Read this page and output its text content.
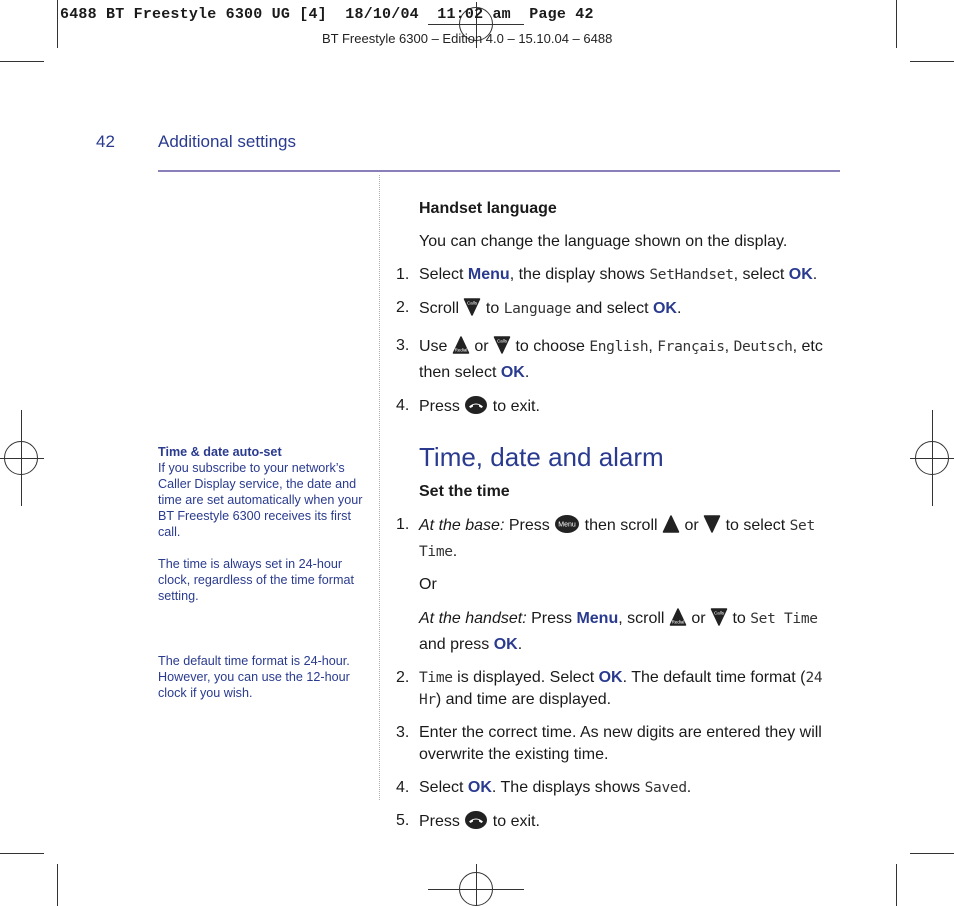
6488 BT Freestyle 6300 UG [4]  18/10/04  11:02 am  Page 42
BT Freestyle 6300 – Edition 4.0 – 15.10.04 – 6488
42	Additional settings
Time & date auto-set
If you subscribe to your network’s Caller Display service, the date and time are set automatically when your BT Freestyle 6300 receives its first call.
The time is always set in 24-hour clock, regardless of the time format setting.
The default time format is 24-hour. However, you can use the 12-hour clock if you wish.
Handset language
You can change the language shown on the display.
1. Select Menu, the display shows SetHandset, select OK.
2. Scroll Calls to Language and select OK.
3. Use Redial or Calls to choose English, Français, Deutsch, etc then select OK.
4. Press  to exit.
Time, date and alarm
Set the time
1. At the base: Press Menu then scroll  or  to select Set Time.
Or
At the handset: Press Menu, scroll Redial or Calls to Set Time and press OK.
2. Time is displayed. Select OK. The default time format (24 Hr) and time are displayed.
3. Enter the correct time. As new digits are entered they will overwrite the existing time.
4. Select OK. The displays shows Saved.
5. Press  to exit.
